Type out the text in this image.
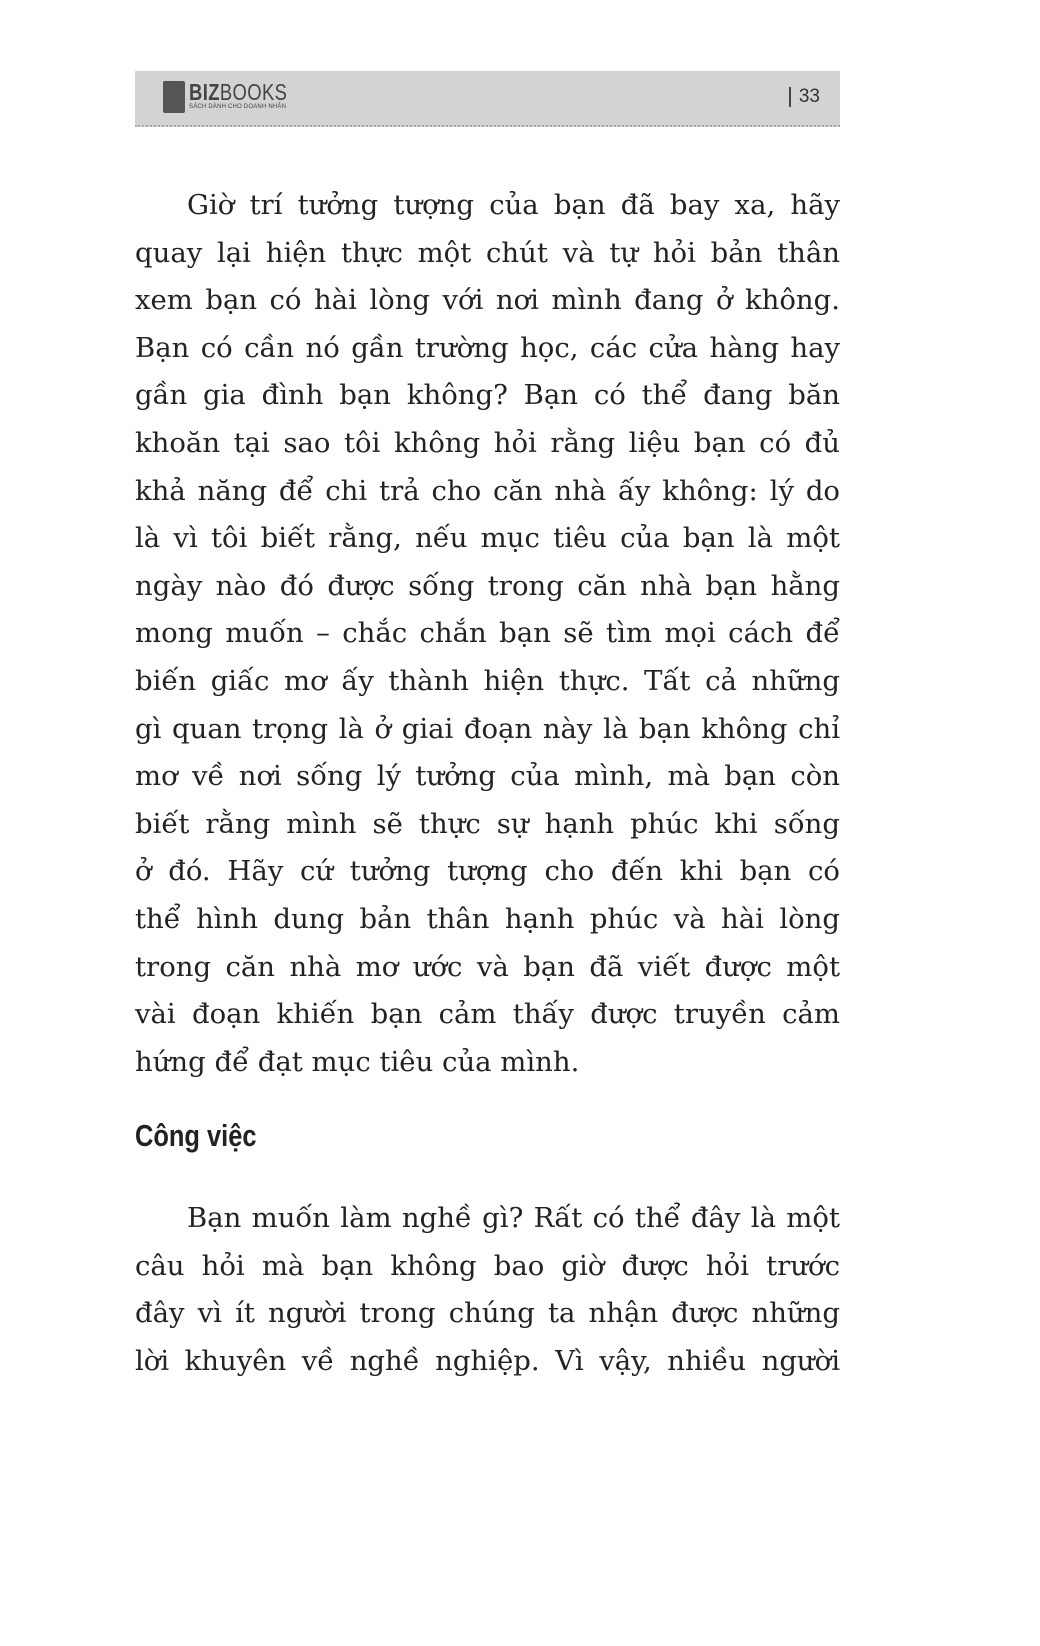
BIZBOOKS
SÁCH DÀNH CHO DOANH NHÂN	33
Giờ trí tưởng tượng của bạn đã bay xa, hãy
quay lại hiện thực một chút và tự hỏi bản thân
xem bạn có hài lòng với nơi mình đang ở không.
Bạn có cần nó gần trường học, các cửa hàng hay
gần gia đình bạn không? Bạn có thể đang băn
khoăn tại sao tôi không hỏi rằng liệu bạn có đủ
khả năng để chi trả cho căn nhà ấy không: lý do
là vì tôi biết rằng, nếu mục tiêu của bạn là một
ngày nào đó được sống trong căn nhà bạn hằng
mong muốn – chắc chắn bạn sẽ tìm mọi cách để
biến giấc mơ ấy thành hiện thực. Tất cả những
gì quan trọng là ở giai đoạn này là bạn không chỉ
mơ về nơi sống lý tưởng của mình, mà bạn còn
biết rằng mình sẽ thực sự hạnh phúc khi sống
ở đó. Hãy cứ tưởng tượng cho đến khi bạn có
thể hình dung bản thân hạnh phúc và hài lòng
trong căn nhà mơ ước và bạn đã viết được một
vài đoạn khiến bạn cảm thấy được truyền cảm
hứng để đạt mục tiêu của mình.
Công việc
Bạn muốn làm nghề gì? Rất có thể đây là một
câu hỏi mà bạn không bao giờ được hỏi trước
đây vì ít người trong chúng ta nhận được những
lời khuyên về nghề nghiệp. Vì vậy, nhiều người
